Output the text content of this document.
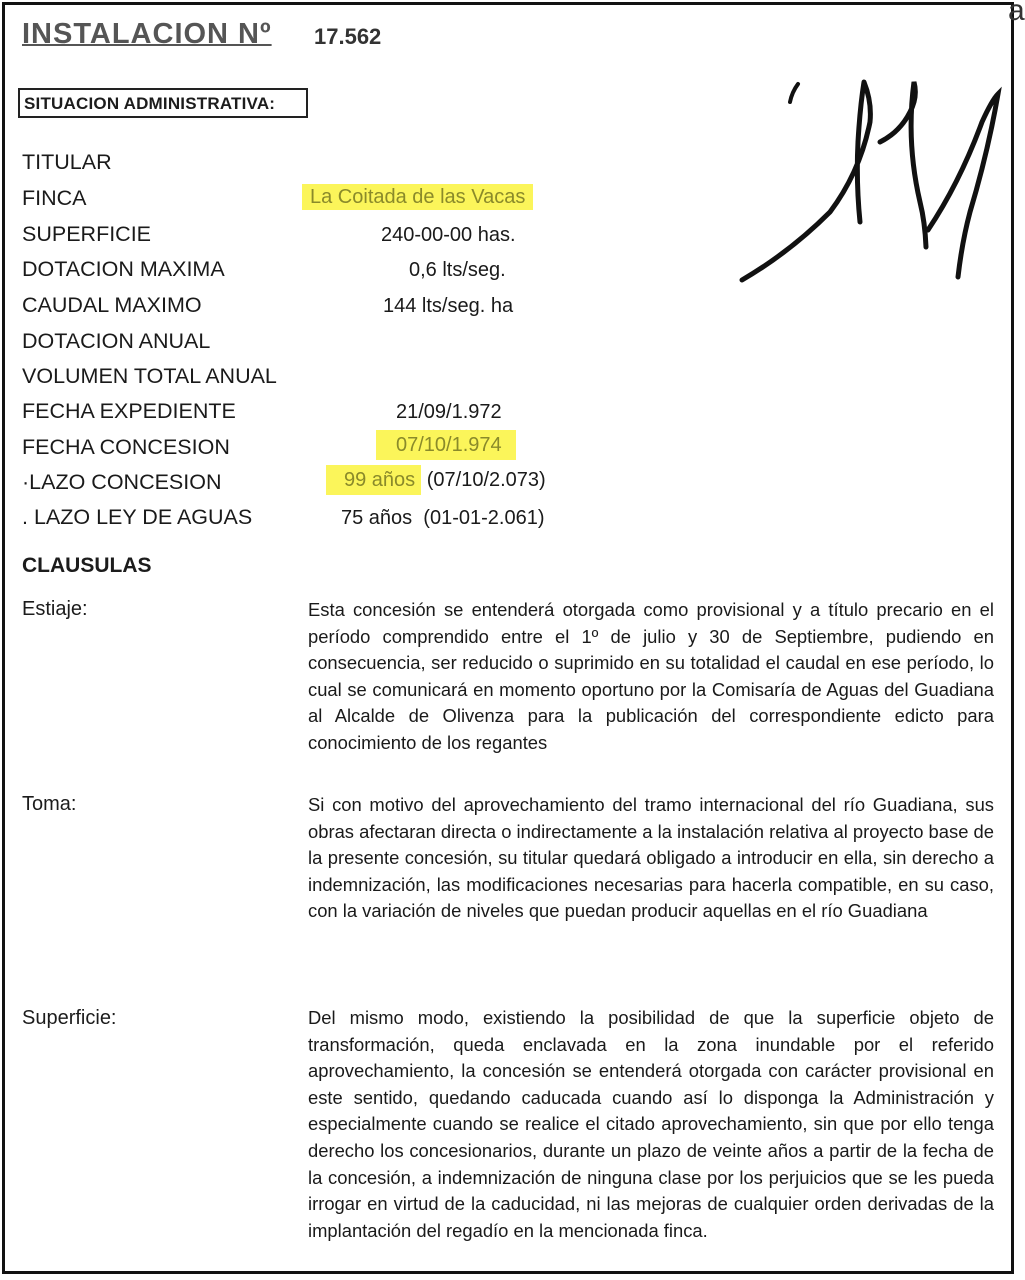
a
INSTALACION Nº 17.562
SITUACION ADMINISTRATIVA:
TITULAR
FINCA	La Coitada de las Vacas
SUPERFICIE	240-00-00 has.
DOTACION MAXIMA	0,6 lts/seg.
CAUDAL MAXIMO	144 lts/seg. ha
DOTACION ANUAL
VOLUMEN TOTAL ANUAL
FECHA EXPEDIENTE	21/09/1.972
FECHA CONCESION	07/10/1.974
·LAZO CONCESION	99 años (07/10/2.073)
. LAZO LEY DE AGUAS	75 años (01-01-2.061)
CLAUSULAS
Estiaje:	Esta concesión se entenderá otorgada como provisional y a título precario en el período comprendido entre el 1º de julio y 30 de Septiembre, pudiendo en consecuencia, ser reducido o suprimido en su totalidad el caudal en ese período, lo cual se comunicará en momento oportuno por la Comisaría de Aguas del Guadiana al Alcalde de Olivenza para la publicación del correspondiente edicto para conocimiento de los regantes
Toma:	Si con motivo del aprovechamiento del tramo internacional del río Guadiana, sus obras afectaran directa o indirectamente a la instalación relativa al proyecto base de la presente concesión, su titular quedará obligado a introducir en ella, sin derecho a indemnización, las modificaciones necesarias para hacerla compatible, en su caso, con la variación de niveles que puedan producir aquellas en el río Guadiana
Superficie:	Del mismo modo, existiendo la posibilidad de que la superficie objeto de transformación, queda enclavada en la zona inundable por el referido aprovechamiento, la concesión se entenderá otorgada con carácter provisional en este sentido, quedando caducada cuando así lo disponga la Administración y especialmente cuando se realice el citado aprovechamiento, sin que por ello tenga derecho los concesionarios, durante un plazo de veinte años a partir de la fecha de la concesión, a indemnización de ninguna clase por los perjuicios que se les pueda irrogar en virtud de la caducidad, ni las mejoras de cualquier orden derivadas de la implantación del regadío en la mencionada finca.
